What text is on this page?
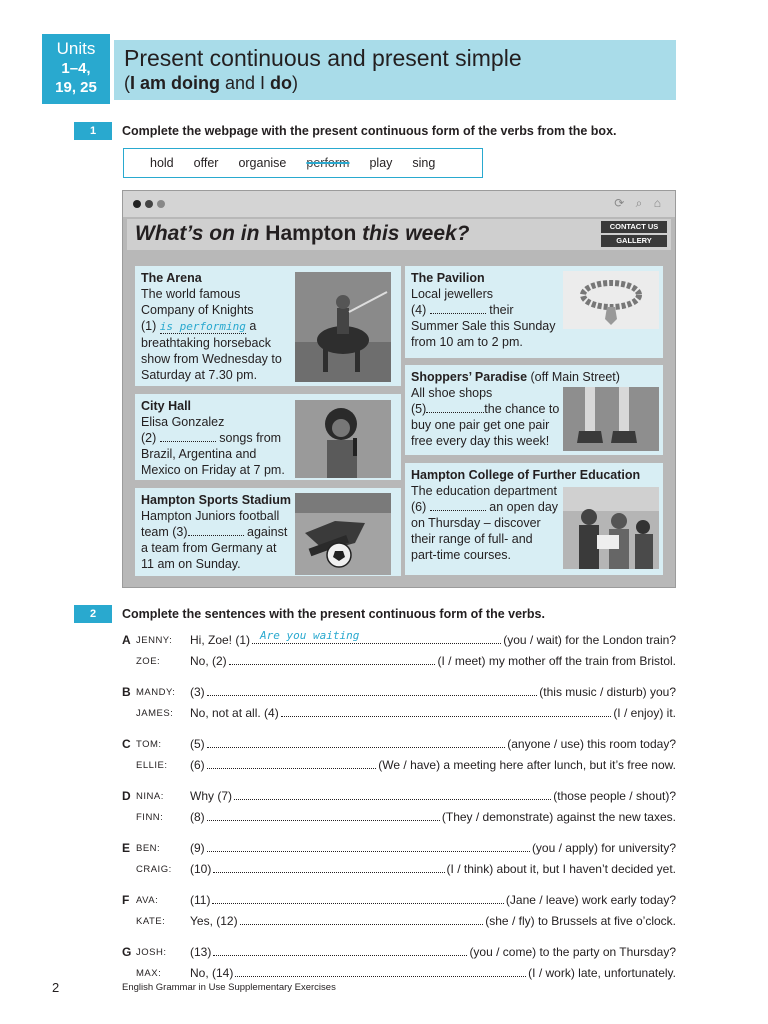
Units
1–4,
19, 25
Present continuous and present simple
(I am doing and I do)
1	Complete the webpage with the present continuous form of the verbs from the box.
hold offer organise perform play sing
⟳ ⌕ ⌂
What’s on in Hampton this week?	CONTACT US
GALLERY
The Arena
The world famous
Company of Knights
(1) is performing a
breathtaking horseback
show from Wednesday to
Saturday at 7.30 pm.
City Hall
Elisa Gonzalez
(2)	songs from
Brazil, Argentina and
Mexico on Friday at 7 pm.
Hampton Sports Stadium
Hampton Juniors football
team (3)	against
a team from Germany at
11 am on Sunday.
The Pavilion
Local jewellers
(4)	their
Summer Sale this Sunday
from 10 am to 2 pm.
Shoppers’ Paradise (off Main Street)
All shoe shops
(5)	the chance to
buy one pair get one pair
free every day this week!
Hampton College of Further Education
The education department
(6)	an open day
on Thursday – discover
their range of full- and
part-time courses.
2	Complete the sentences with the present continuous form of the verbs.
A JENNY: Hi, Zoe! (1) Are you waiting	(you / wait) for the London train?
ZOE: No, (2)	(I / meet) my mother off the train from Bristol.
B MANDY: (3)	(this music / disturb) you?
JAMES: No, not at all. (4)	(I / enjoy) it.
C TOM: (5)	(anyone / use) this room today?
ELLIE: (6)	(We / have) a meeting here after lunch, but it’s free now.
D NINA: Why (7)	(those people / shout)?
FINN: (8)	(They / demonstrate) against the new taxes.
E BEN: (9)	(you / apply) for university?
CRAIG: (10)	(I / think) about it, but I haven’t decided yet.
F AVA:	(11)	(Jane / leave) work early today?
KATE: Yes, (12)	(she / fly) to Brussels at five o’clock.
G JOSH: (13)	(you / come) to the party on Thursday?
MAX: No, (14)	(I / work) late, unfortunately.
2	English Grammar in Use Supplementary Exercises
